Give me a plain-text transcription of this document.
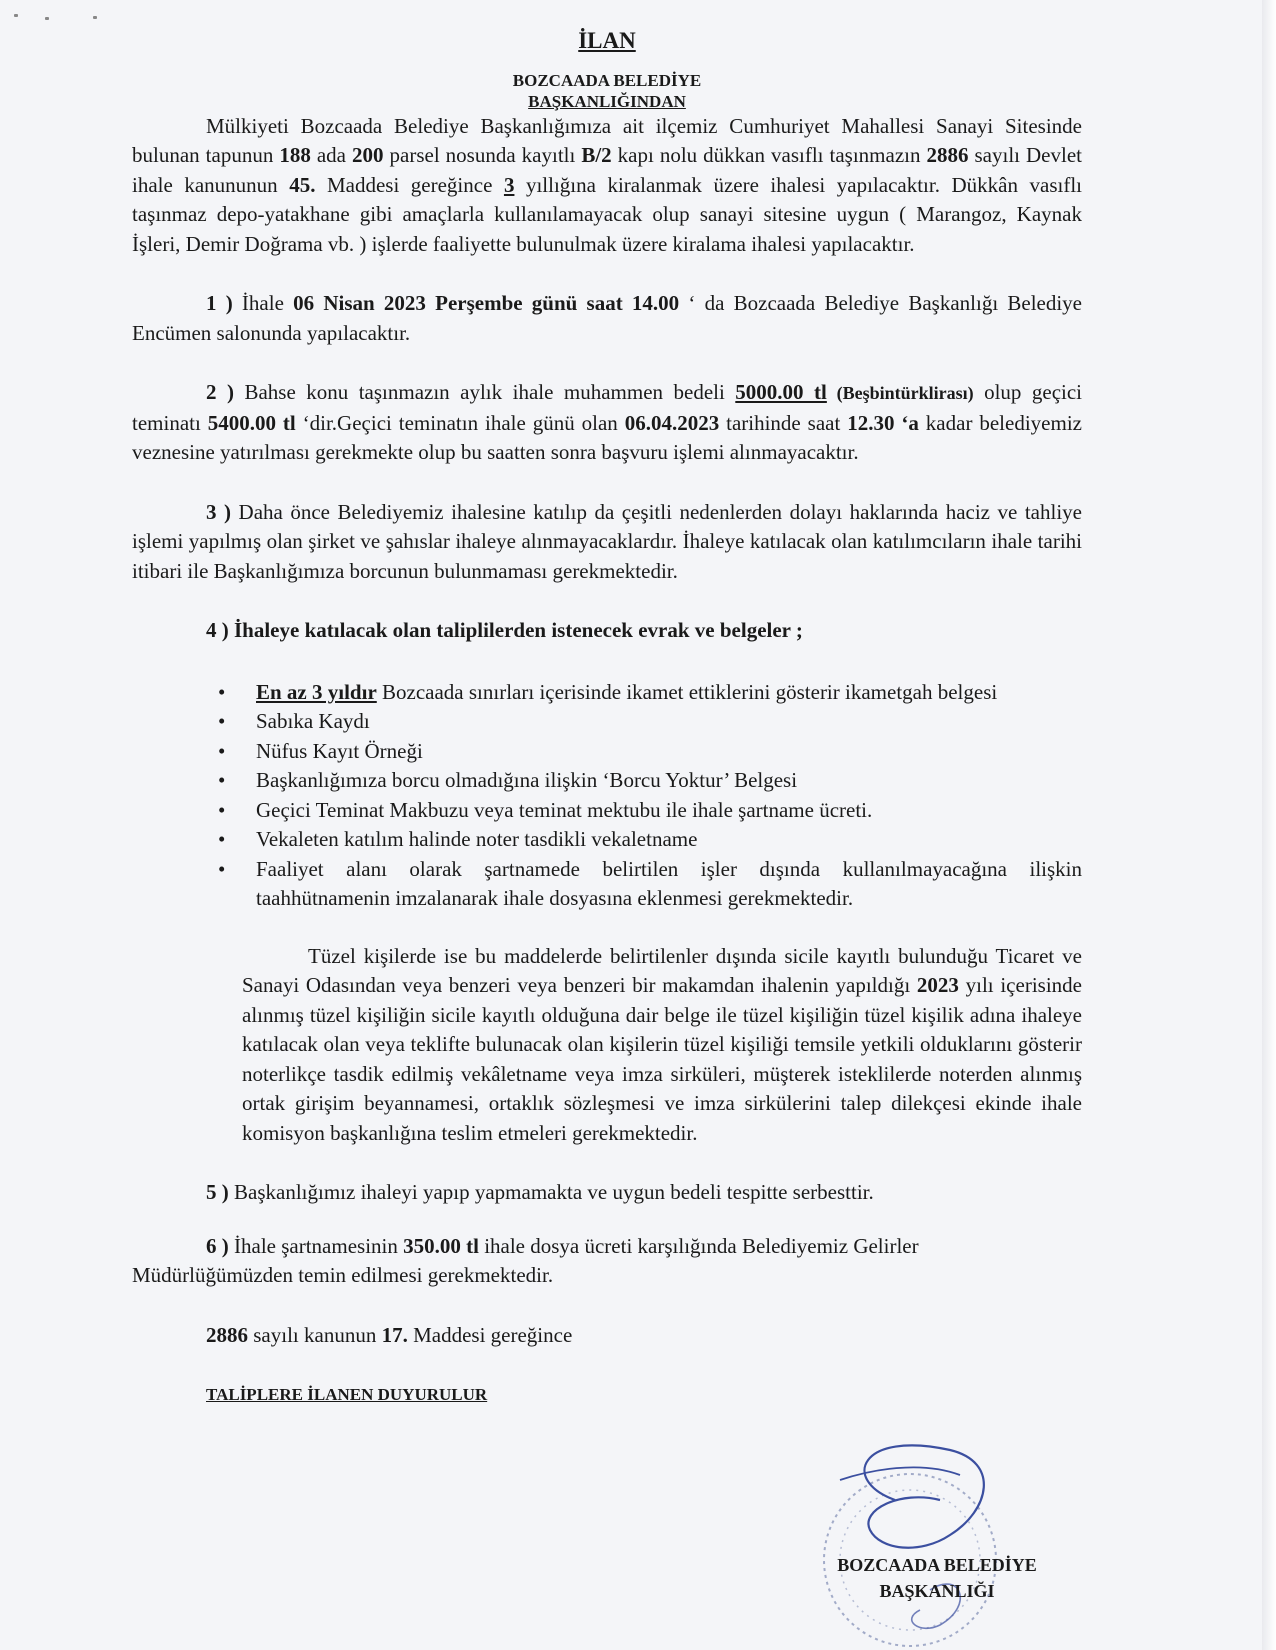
İLAN
BOZCAADA BELEDİYE
BAŞKANLIĞINDAN

Mülkiyeti Bozcaada Belediye Başkanlığımıza ait ilçemiz Cumhuriyet Mahallesi Sanayi Sitesinde bulunan tapunun 188 ada 200 parsel nosunda kayıtlı B/2 kapı nolu dükkan vasıflı taşınmazın 2886 sayılı Devlet ihale kanununun 45. Maddesi gereğince 3 yıllığına kiralanmak üzere ihalesi yapılacaktır. Dükkân vasıflı taşınmaz depo-yatakhane gibi amaçlarla kullanılamayacak olup sanayi sitesine uygun ( Marangoz, Kaynak İşleri, Demir Doğrama vb. ) işlerde faaliyette bulunulmak üzere kiralama ihalesi yapılacaktır.

1 ) İhale 06 Nisan 2023 Perşembe günü saat 14.00 ‘ da Bozcaada Belediye Başkanlığı Belediye Encümen salonunda yapılacaktır.

2 ) Bahse konu taşınmazın aylık ihale muhammen bedeli 5000.00 tl (Beşbintürklirası) olup geçici teminatı 5400.00 tl ‘dir.Geçici teminatın ihale günü olan 06.04.2023 tarihinde saat 12.30 ‘a kadar belediyemiz veznesine yatırılması gerekmekte olup bu saatten sonra başvuru işlemi alınmayacaktır.

3 ) Daha önce Belediyemiz ihalesine katılıp da çeşitli nedenlerden dolayı haklarında haciz ve tahliye işlemi yapılmış olan şirket ve şahıslar ihaleye alınmayacaklardır. İhaleye katılacak olan katılımcıların ihale tarihi itibari ile Başkanlığımıza borcunun bulunmaması gerekmektedir.

4 ) İhaleye katılacak olan taliplilerden istenecek evrak ve belgeler ;
• En az 3 yıldır Bozcaada sınırları içerisinde ikamet ettiklerini gösterir ikametgah belgesi
• Sabıka Kaydı
• Nüfus Kayıt Örneği
• Başkanlığımıza borcu olmadığına ilişkin ‘Borcu Yoktur’ Belgesi
• Geçici Teminat Makbuzu veya teminat mektubu ile ihale şartname ücreti.
• Vekaleten katılım halinde noter tasdikli vekaletname
• Faaliyet alanı olarak şartnamede belirtilen işler dışında kullanılmayacağına ilişkin taahhütnamenin imzalanarak ihale dosyasına eklenmesi gerekmektedir.

Tüzel kişilerde ise bu maddelerde belirtilenler dışında sicile kayıtlı bulunduğu Ticaret ve Sanayi Odasından veya benzeri veya benzeri bir makamdan ihalenin yapıldığı 2023 yılı içerisinde alınmış tüzel kişiliğin sicile kayıtlı olduğuna dair belge ile tüzel kişiliğin tüzel kişilik adına ihaleye katılacak olan veya teklifte bulunacak olan kişilerin tüzel kişiliği temsile yetkili olduklarını gösterir noterlikçe tasdik edilmiş vekâletname veya imza sirküleri, müşterek isteklilerde noterden alınmış ortak girişim beyannamesi, ortaklık sözleşmesi ve imza sirkülerini talep dilekçesi ekinde ihale komisyon başkanlığına teslim etmeleri gerekmektedir.

5 ) Başkanlığımız ihaleyi yapıp yapmamakta ve uygun bedeli tespitte serbesttir.

6 ) İhale şartnamesinin 350.00 tl ihale dosya ücreti karşılığında Belediyemiz Gelirler
Müdürlüğümüzden temin edilmesi gerekmektedir.

2886 sayılı kanunun 17. Maddesi gereğince

TALİPLERE İLANEN DUYURULUR
BOZCAADA BELEDİYE
BAŞKANLIĞI
